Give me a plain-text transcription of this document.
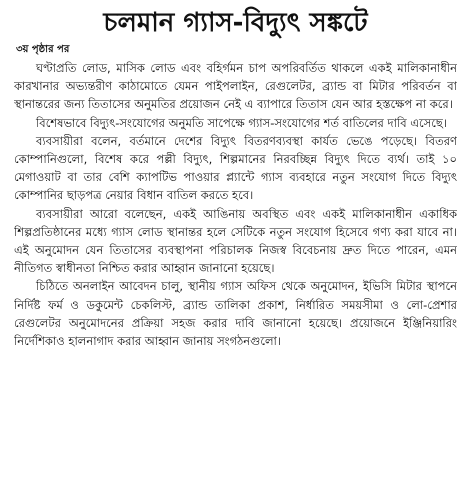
চলমান গ্যাস-বিদ্যুৎ সঙ্কটে
৩য় পৃষ্ঠার পর

ঘণ্টাপ্রতি লোড, মাসিক লোড এবং বহির্গমন চাপ অপরিবর্তিত থাকলে একই মালিকানাধীন কারখানার অভ্যন্তরীণ কাঠামোতে যেমন পাইপলাইন, রেগুলেটর, ব্র্যান্ড বা মিটার পরিবর্তন বা স্থানান্তরের জন্য তিতাসের অনুমতির প্রয়োজন নেই এ ব্যাপারে তিতাস যেন আর হস্তক্ষেপ না করে।

বিশেষভাবে বিদ্যুৎ-সংযোগের অনুমতি সাপেক্ষে গ্যাস-সংযোগের শর্ত বাতিলের দাবি এসেছে।

ব্যবসায়ীরা বলেন, বর্তমানে দেশের বিদ্যুৎ বিতরণব্যবস্থা কার্যত ভেঙে পড়েছে। বিতরণ কোম্পানিগুলো, বিশেষ করে পল্লী বিদ্যুৎ, শিল্পমানের নিরবচ্ছিন্ন বিদ্যুৎ দিতে ব্যর্থ। তাই ১০ মেগাওয়াট বা তার বেশি ক্যাপটিভ পাওয়ার প্ল্যান্টে গ্যাস ব্যবহারে নতুন সংযোগ দিতে বিদ্যুৎ কোম্পানির ছাড়পত্র নেয়ার বিধান বাতিল করতে হবে।

ব্যবসায়ীরা আরো বলেছেন, একই আঙিনায় অবস্থিত এবং একই মালিকানাধীন একাধিক শিল্পপ্রতিষ্ঠানের মধ্যে গ্যাস লোড স্থানান্তর হলে সেটিকে নতুন সংযোগ হিসেবে গণ্য করা যাবে না। এই অনুমোদন যেন তিতাসের ব্যবস্থাপনা পরিচালক নিজস্ব বিবেচনায় দ্রুত দিতে পারেন, এমন নীতিগত স্বাধীনতা নিশ্চিত করার আহ্বান জানানো হয়েছে।

চিঠিতে অনলাইন আবেদন চালু, স্থানীয় গ্যাস অফিস থেকে অনুমোদন, ইভিসি মিটার স্থাপনে নির্দিষ্ট ফর্ম ও ডকুমেন্ট চেকলিস্ট, ব্র্যান্ড তালিকা প্রকাশ, নির্ধারিত সময়সীমা ও লো-প্রেশার রেগুলেটর অনুমোদনের প্রক্রিয়া সহজ করার দাবি জানানো হয়েছে। প্রয়োজনে ইঞ্জিনিয়ারিং নির্দেশিকাও হালনাগাদ করার আহ্বান জানায় সংগঠনগুলো।
